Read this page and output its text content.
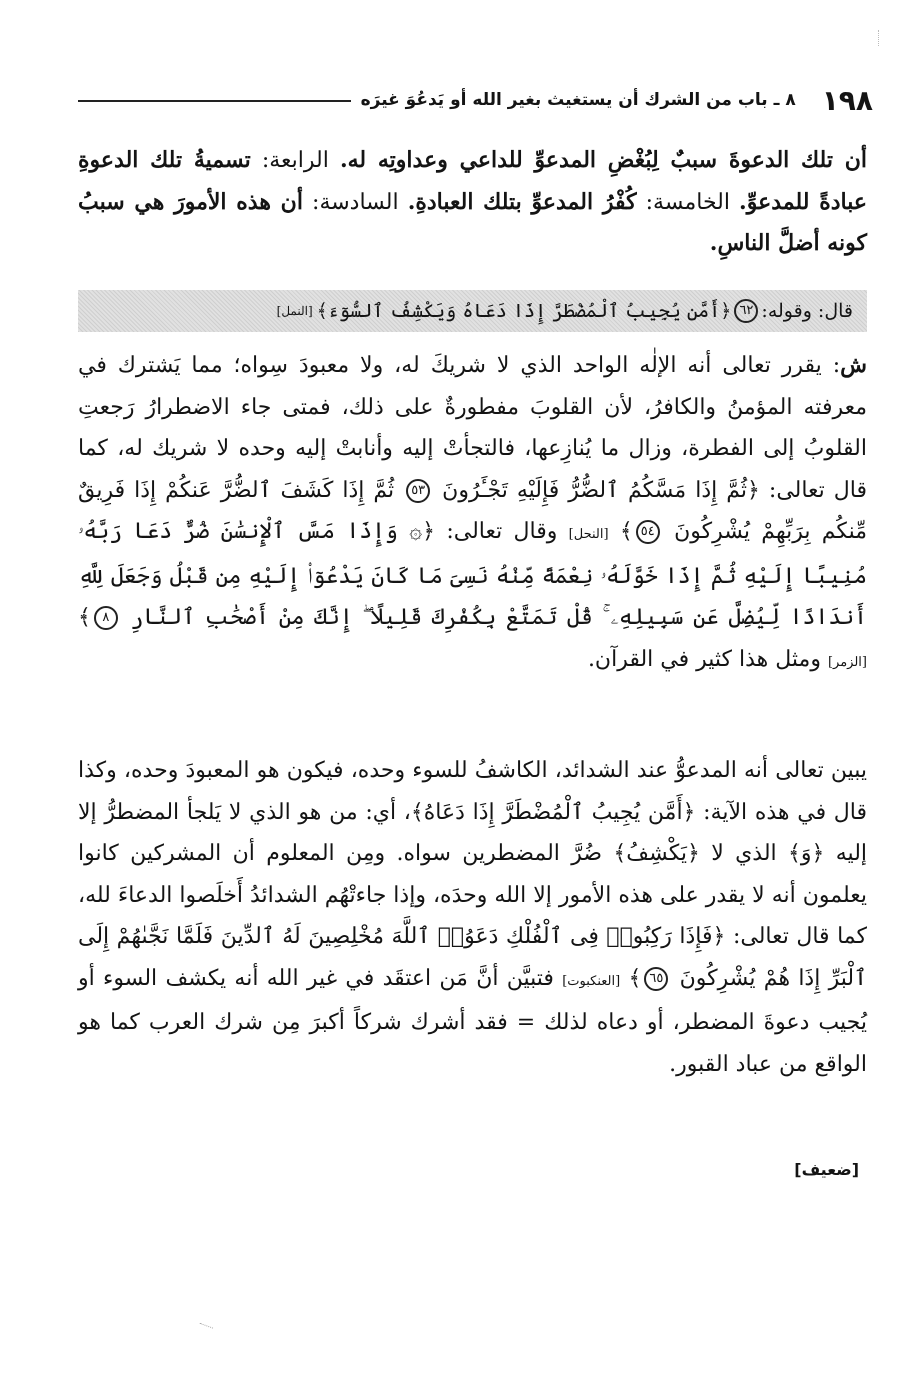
١٩٨
٨ ـ باب من الشرك أن يستغيث بغير الله أو يَدعُوَ غيرَه
أن تلك الدعوةَ سببٌ لِبُغْضِ المدعوِّ للداعي وعداوتِه له. الرابعة: تسميةُ تلك الدعوةِ عبادةً للمدعوِّ. الخامسة: كُفْرُ المدعوِّ بتلك العبادةِ. السادسة: أن هذه الأمورَ هي سببُ كونه أضلَّ الناسِ.
قال: وقوله:
٦٢
﴿أَمَّن يُجِيبُ ٱلْمُضْطَرَّ إِذَا دَعَاهُ وَيَكْشِفُ ٱلسُّوٓءَ﴾
[النمل]
ش: يقرر تعالى أنه الإلٰه الواحد الذي لا شريكَ له، ولا معبودَ سِواه؛ مما يَشترك في معرفته المؤمنُ والكافرُ، لأن القلوبَ مفطورةٌ على ذلك، فمتى جاء الاضطرارُ رَجعتِ القلوبُ إلى الفطرة، وزال ما يُنازِعها، فالتجأتْ إليه وأنابتْ إليه وحده لا شريك له، كما قال تعالى: ﴿ثُمَّ إِذَا مَسَّكُمُ ٱلضُّرُّ فَإِلَيْهِ تَجْـَٔرُونَ ٥٣ ثُمَّ إِذَا كَشَفَ ٱلضُّرَّ عَنكُمْ إِذَا فَرِيقٌ مِّنكُم بِرَبِّهِمْ يُشْرِكُونَ ٥٤﴾ [النحل] وقال تعالى: ﴿۞ وَإِذَا مَسَّ ٱلْإِنسَٰنَ ضُرٌّ دَعَا رَبَّهُۥ مُنِيبًا إِلَيْهِ ثُمَّ إِذَا خَوَّلَهُۥ نِعْمَةً مِّنْهُ نَسِىَ مَا كَانَ يَدْعُوٓا۟ إِلَيْهِ مِن قَبْلُ وَجَعَلَ لِلَّهِ أَندَادًا لِّيُضِلَّ عَن سَبِيلِهِۦ ۚ قُلْ تَمَتَّعْ بِكُفْرِكَ قَلِيلًا ۖ إِنَّكَ مِنْ أَصْحَٰبِ ٱلنَّارِ ٨﴾ [الزمر] ومثل هذا كثير في القرآن.
يبين تعالى أنه المدعوُّ عند الشدائد، الكاشفُ للسوء وحده، فيكون هو المعبودَ وحده، وكذا قال في هذه الآية: ﴿أَمَّن يُجِيبُ ٱلْمُضْطَرَّ إِذَا دَعَاهُ﴾، أي: من هو الذي لا يَلجأ المضطرُّ إلا إليه ﴿وَ﴾ الذي لا ﴿يَكْشِفُ﴾ ضُرَّ المضطرين سواه. ومِن المعلوم أن المشركين كانوا يعلمون أنه لا يقدر على هذه الأمور إلا الله وحدَه، وإذا جاءتْهُم الشدائدُ أَخلَصوا الدعاءَ لله، كما قال تعالى: ﴿فَإِذَا رَكِبُوا۟ فِى ٱلْفُلْكِ دَعَوُا۟ ٱللَّهَ مُخْلِصِينَ لَهُ ٱلدِّينَ فَلَمَّا نَجَّىٰهُمْ إِلَى ٱلْبَرِّ إِذَا هُمْ يُشْرِكُونَ ٦٥﴾ [العنكبوت] فتبيَّن أنَّ مَن اعتقَد في غير الله أنه يكشف السوء أو يُجيب دعوةَ المضطر، أو دعاه لذلك = فقد أشرك شركاً أكبرَ مِن شرك العرب كما هو الواقع من عباد القبور.
[ضعيف]
